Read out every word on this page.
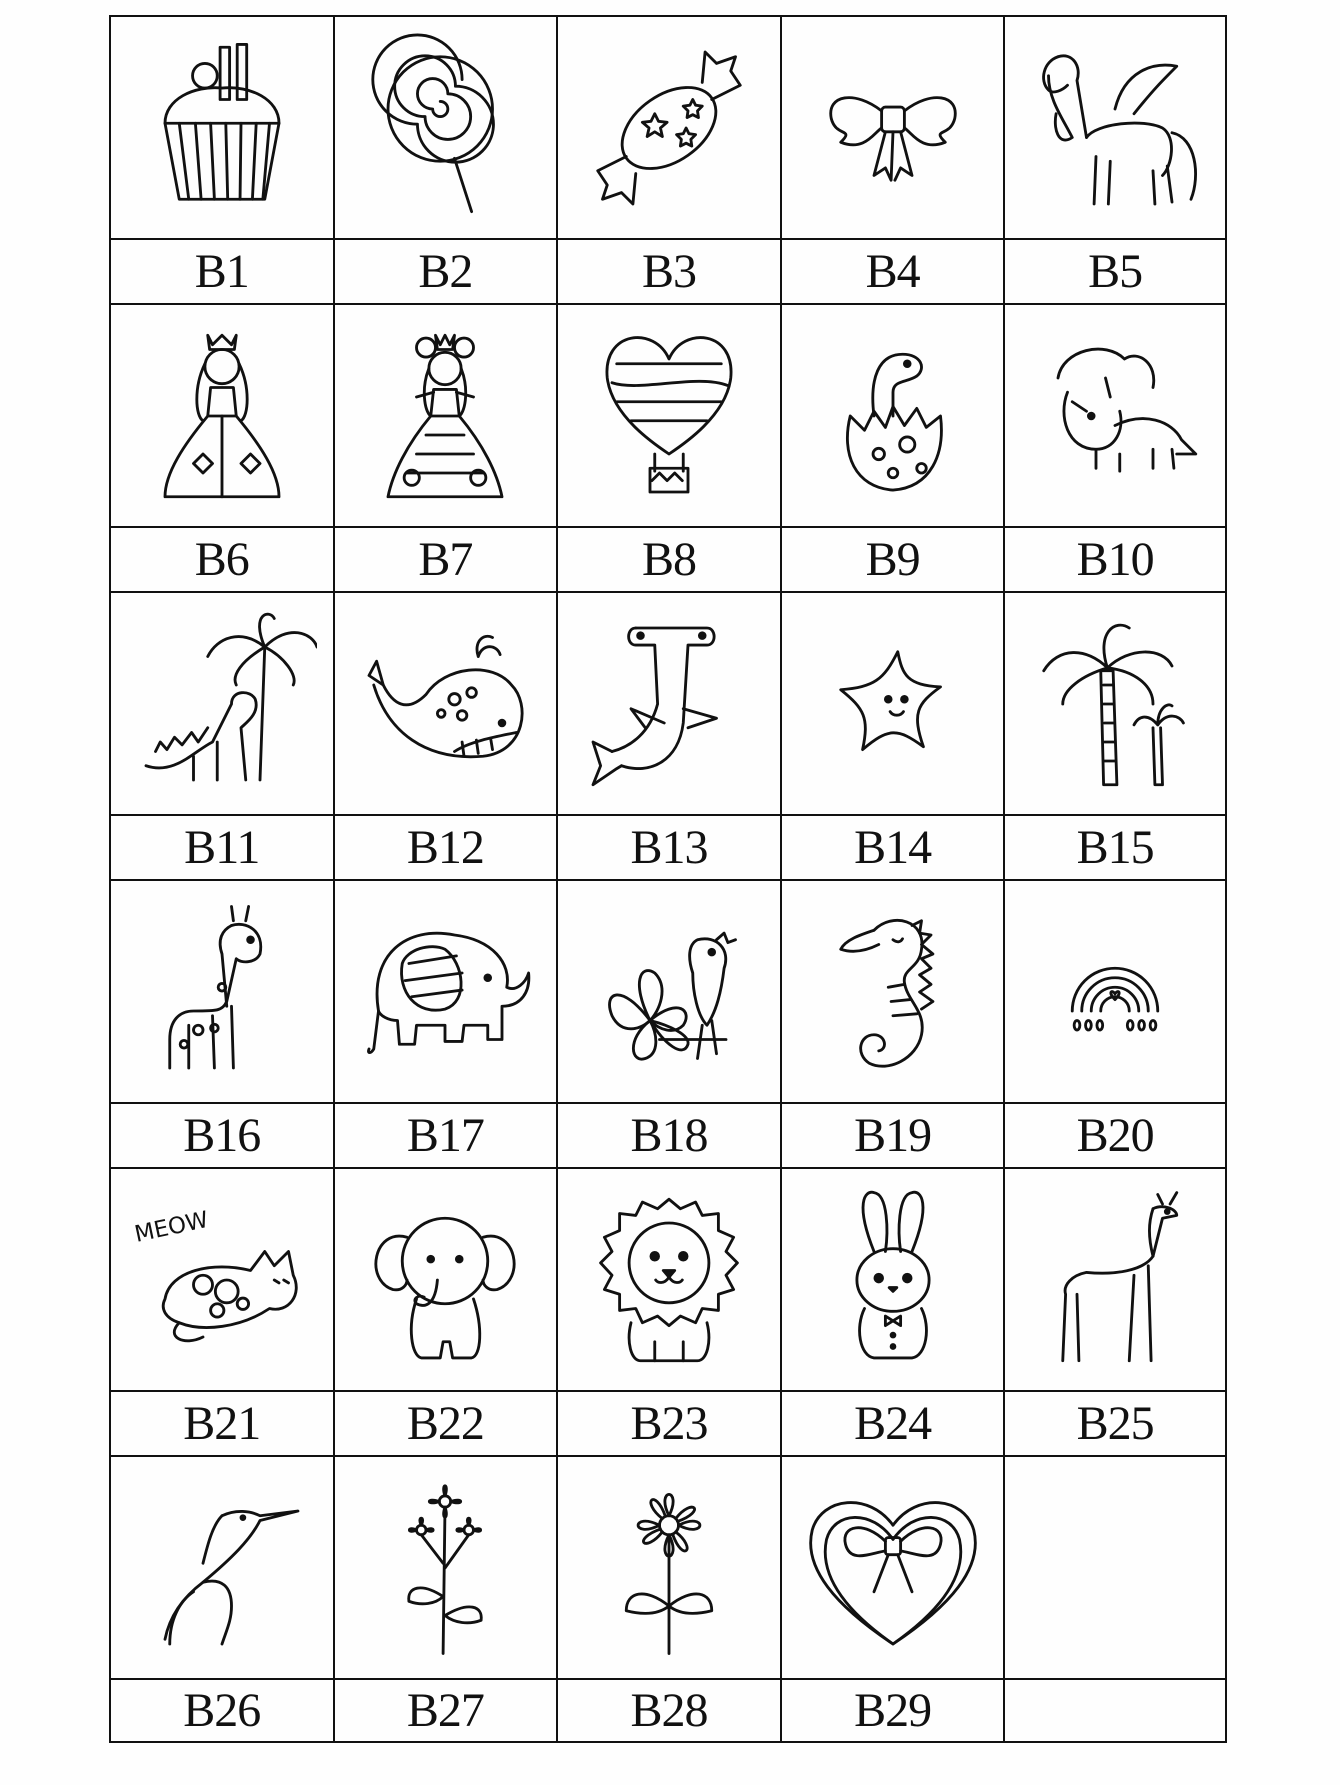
B1	B2	B3	B4	B5
B6	B7	B8	B9	B10
B11	B12	B13	B14	B15
B16	B17	B18	B19	B20
MEOW
B21	B22	B23	B24	B25
B26	B27	B28	B29
